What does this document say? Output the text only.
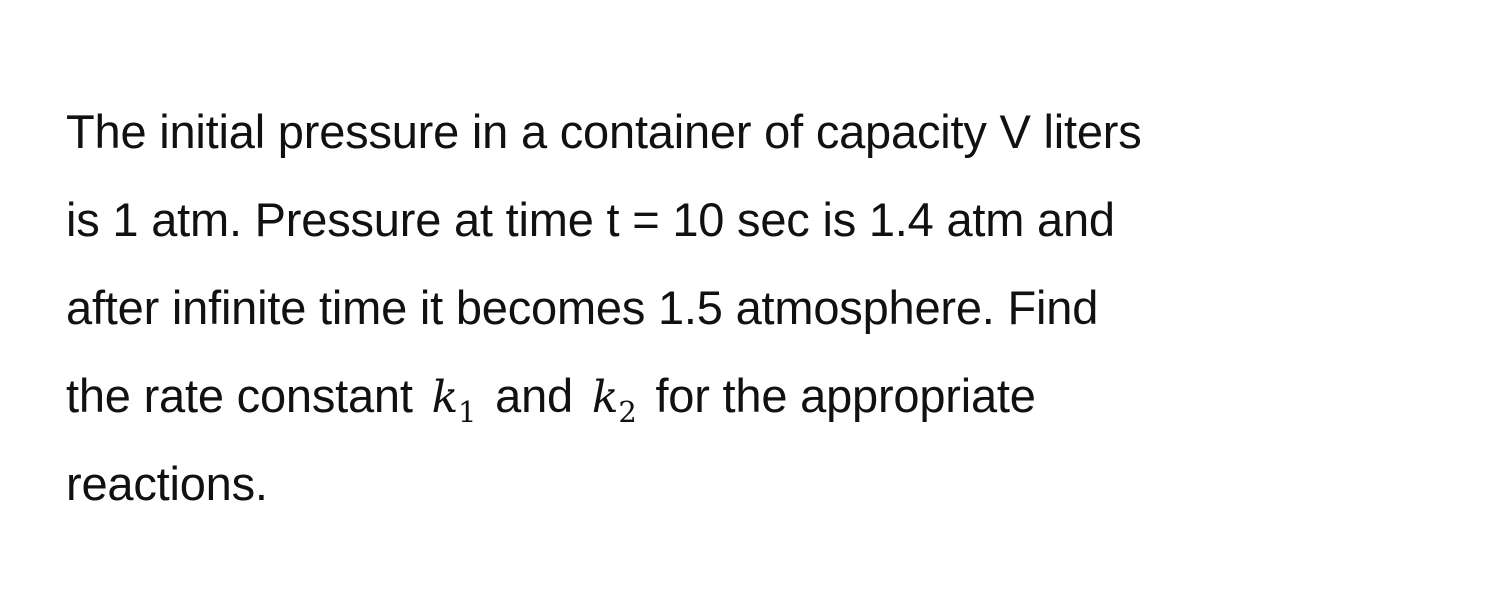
The initial pressure in a container of capacity V liters
is 1 atm. Pressure at time t = 10 sec is 1.4 atm and
after infinite time it becomes 1.5 atmosphere. Find
the rate constant $k_1$ and $k_2$ for the appropriate
reactions.
